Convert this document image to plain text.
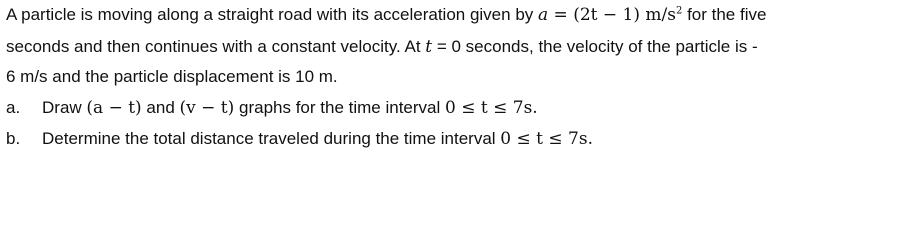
A particle is moving along a straight road with its acceleration given by a = (2t − 1) $m/s^2$ for the five
seconds and then continues with a constant velocity. At t = 0 seconds, the velocity of the particle is -
6 m/s and the particle displacement is 10 m.
a. Draw (a − t) and (v − t) graphs for the time interval 0 ≤ t ≤ 7s.
b. Determine the total distance traveled during the time interval 0 ≤ t ≤ 7s.
